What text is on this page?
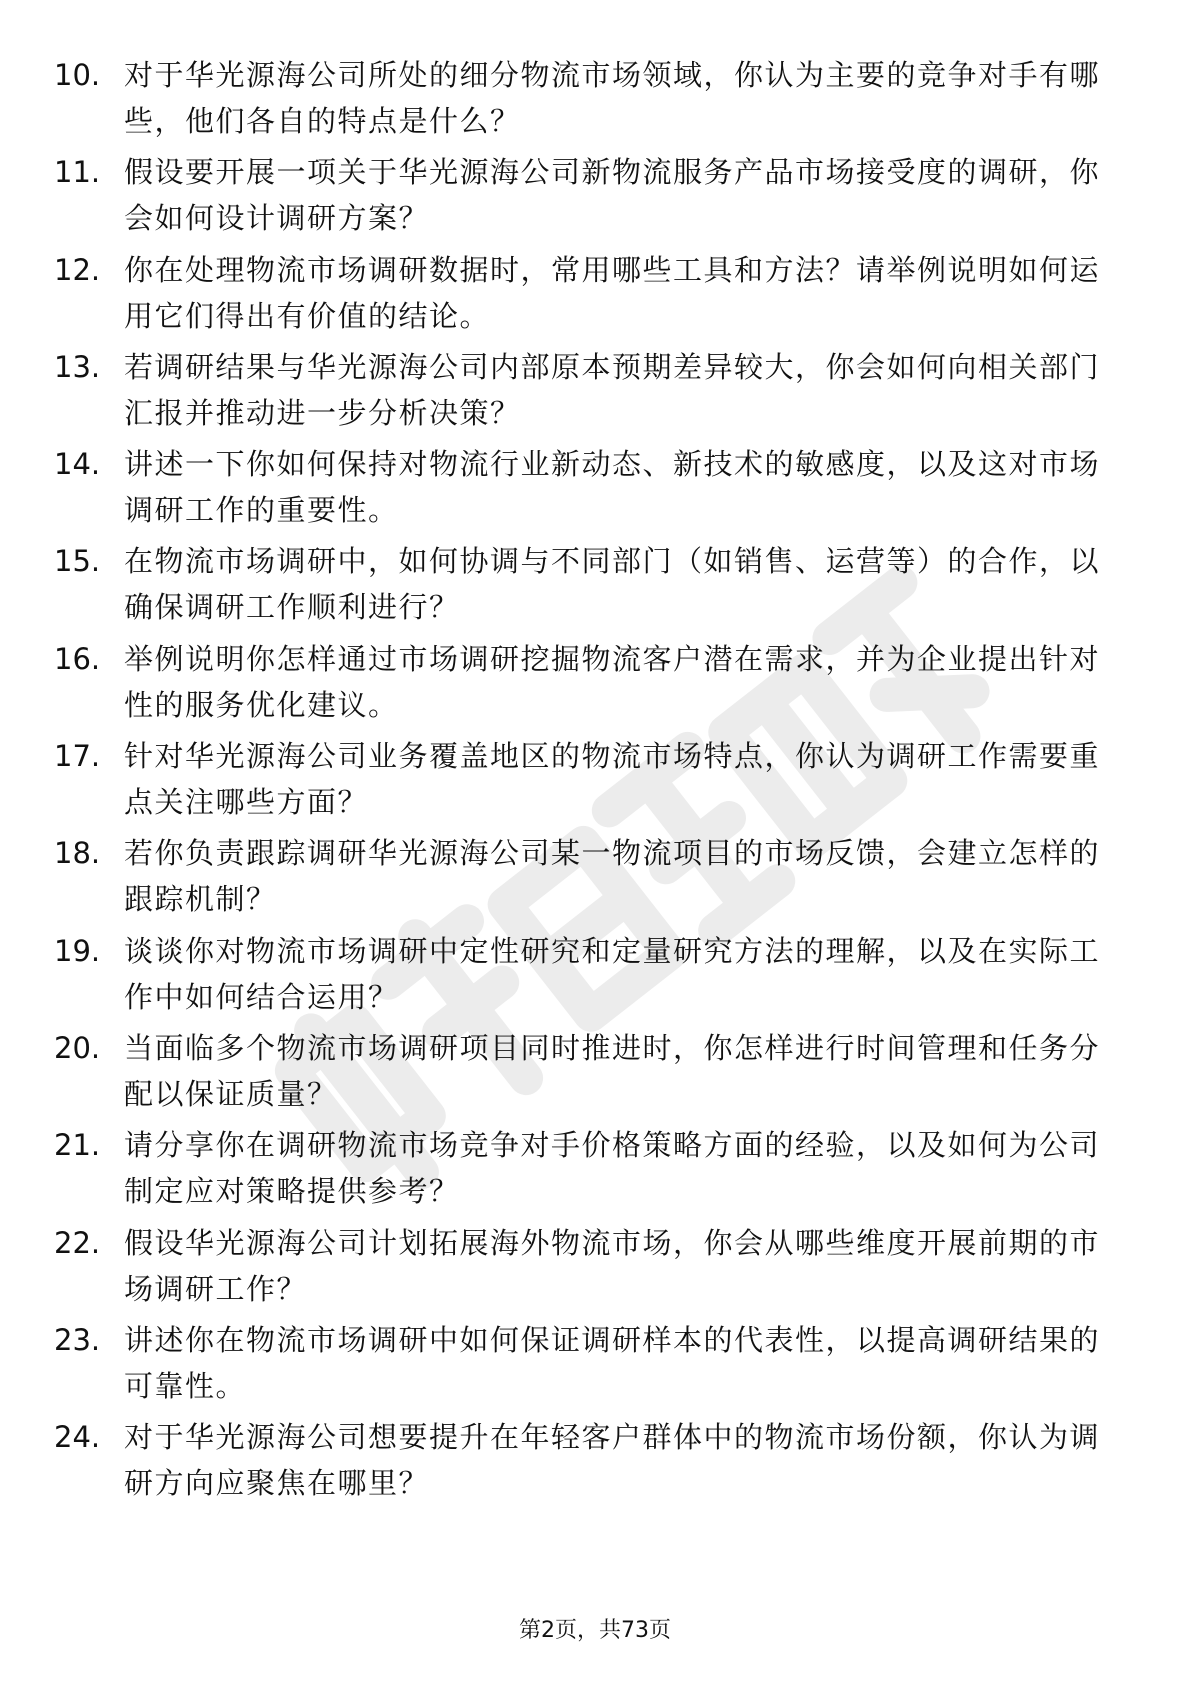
10. 对于华光源海公司所处的细分物流市场领域，你认为主要的竞争对手有哪些，他们各自的特点是什么？
11. 假设要开展一项关于华光源海公司新物流服务产品市场接受度的调研，你会如何设计调研方案？
12. 你在处理物流市场调研数据时，常用哪些工具和方法？请举例说明如何运用它们得出有价值的结论。
13. 若调研结果与华光源海公司内部原本预期差异较大，你会如何向相关部门汇报并推动进一步分析决策？
14. 讲述一下你如何保持对物流行业新动态、新技术的敏感度，以及这对市场调研工作的重要性。
15. 在物流市场调研中，如何协调与不同部门（如销售、运营等）的合作，以确保调研工作顺利进行？
16. 举例说明你怎样通过市场调研挖掘物流客户潜在需求，并为企业提出针对性的服务优化建议。
17. 针对华光源海公司业务覆盖地区的物流市场特点，你认为调研工作需要重点关注哪些方面？
18. 若你负责跟踪调研华光源海公司某一物流项目的市场反馈，会建立怎样的跟踪机制？
19. 谈谈你对物流市场调研中定性研究和定量研究方法的理解，以及在实际工作中如何结合运用？
20. 当面临多个物流市场调研项目同时推进时，你怎样进行时间管理和任务分配以保证质量？
21. 请分享你在调研物流市场竞争对手价格策略方面的经验，以及如何为公司制定应对策略提供参考？
22. 假设华光源海公司计划拓展海外物流市场，你会从哪些维度开展前期的市场调研工作？
23. 讲述你在物流市场调研中如何保证调研样本的代表性，以提高调研结果的可靠性。
24. 对于华光源海公司想要提升在年轻客户群体中的物流市场份额，你认为调研方向应聚焦在哪里？
第2页，共73页
